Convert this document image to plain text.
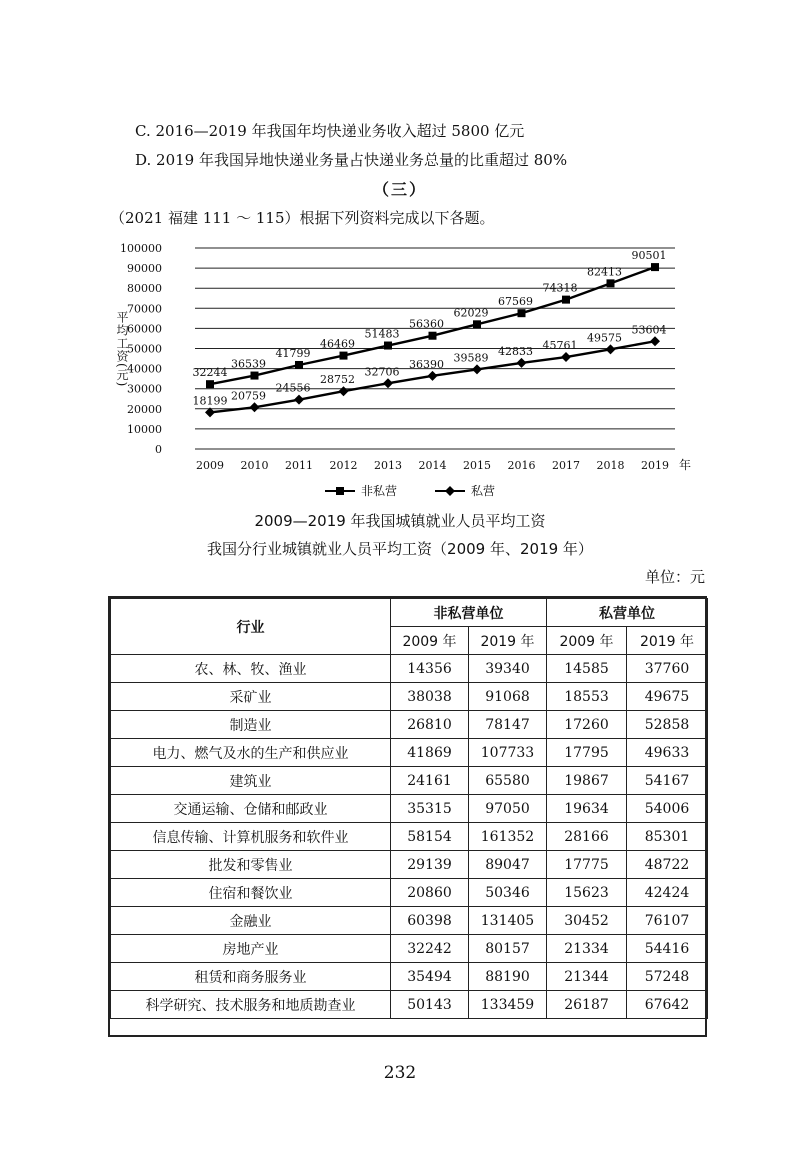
C. 2016—2019 年我国年均快递业务收入超过 5800 亿元
D. 2019 年我国异地快递业务量占快递业务总量的比重超过 80%
（三）
（2021 福建 111 ～ 115）根据下列资料完成以下各题。
0
10000
20000
30000
40000
50000
60000
70000
80000
90000
100000
平均工资(元)
2009 2010 2011 2012 2013 2014 2015 2016 2017 2018 2019 年
32244
36539
41799
46469
51483
56360
62029
67569
74318
82413
90501
18199 20759
24556
28752
32706
36390 39589
42833 45761
49575
53604
非私营	私营
2009—2019 年我国城镇就业人员平均工资
我国分行业城镇就业人员平均工资（2009 年、2019 年）
单位：元
行业	非私营单位		私营单位	
	2009 年	2019 年	2009 年	2019 年
农、林、牧、渔业	14356	39340	14585	37760
采矿业	38038	91068	18553	49675
制造业	26810	78147	17260	52858
电力、燃气及水的生产和供应业	41869	107733	17795	49633
建筑业	24161	65580	19867	54167
交通运输、仓储和邮政业	35315	97050	19634	54006
信息传输、计算机服务和软件业	58154	161352	28166	85301
批发和零售业	29139	89047	17775	48722
住宿和餐饮业	20860	50346	15623	42424
金融业	60398	131405	30452	76107
房地产业	32242	80157	21334	54416
租赁和商务服务业	35494	88190	21344	57248
科学研究、技术服务和地质勘查业	50143	133459	26187	67642
232
